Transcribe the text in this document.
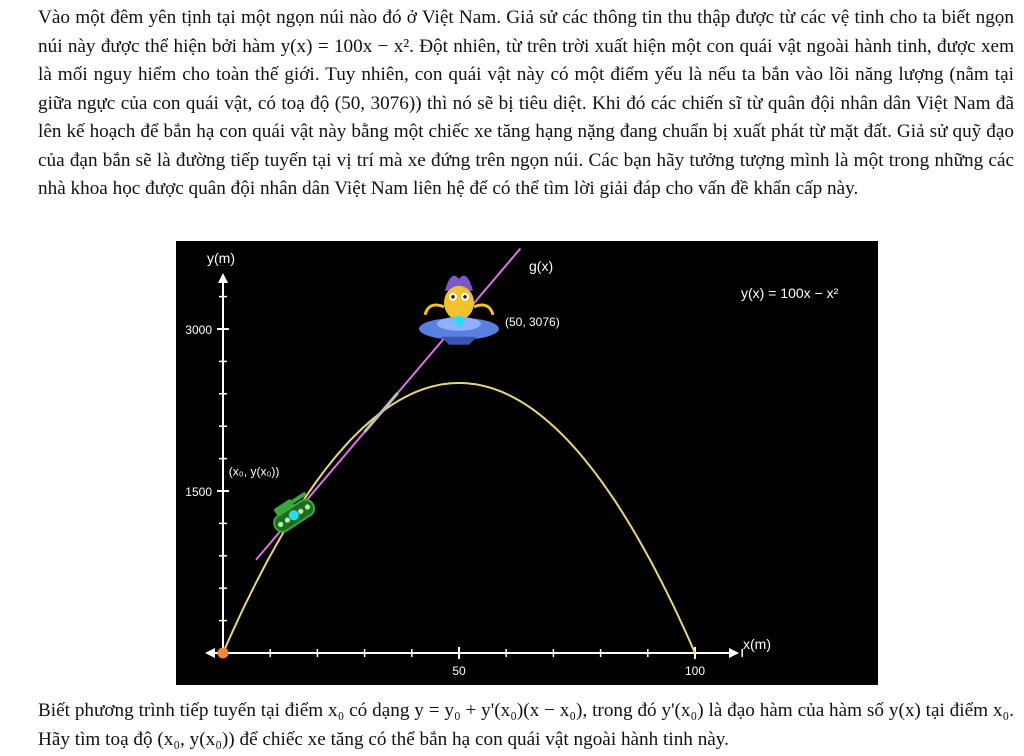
Vào một đêm yên tịnh tại một ngọn núi nào đó ở Việt Nam. Giả sử các thông tin thu thập được từ các vệ tinh cho ta biết ngọn núi này được thể hiện bởi hàm y(x) = 100x − x². Đột nhiên, từ trên trời xuất hiện một con quái vật ngoài hành tinh, được xem là mối nguy hiểm cho toàn thế giới. Tuy nhiên, con quái vật này có một điểm yếu là nếu ta bắn vào lõi năng lượng (nằm tại giữa ngực của con quái vật, có toạ độ (50, 3076)) thì nó sẽ bị tiêu diệt. Khi đó các chiến sĩ từ quân đội nhân dân Việt Nam đã lên kế hoạch để bắn hạ con quái vật này bằng một chiếc xe tăng hạng nặng đang chuẩn bị xuất phát từ mặt đất. Giả sử quỹ đạo của đạn bắn sẽ là đường tiếp tuyến tại vị trí mà xe đứng trên ngọn núi. Các bạn hãy tưởng tượng mình là một trong những các nhà khoa học được quân đội nhân dân Việt Nam liên hệ để có thể tìm lời giải đáp cho vấn đề khẩn cấp này.
50	100
1500
3000
x(m)
y(m)
(x₀, y(x₀))
(50, 3076)
g(x)
y(x) = 100x − x²
Biết phương trình tiếp tuyến tại điểm x₀ có dạng y = y₀ + y'(x₀)(x − x₀), trong đó y'(x₀) là đạo hàm của hàm số y(x) tại điểm x₀. Hãy tìm toạ độ (x₀, y(x₀)) để chiếc xe tăng có thể bắn hạ con quái vật ngoài hành tinh này.
